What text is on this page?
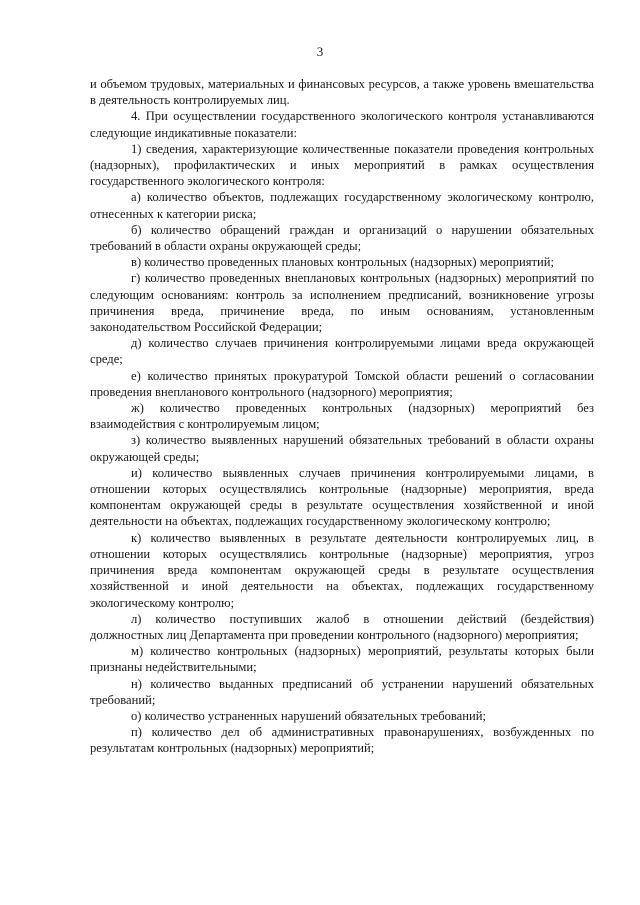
3

и объемом трудовых, материальных и финансовых ресурсов, а также уровень вмешательства в деятельность контролируемых лиц.

4. При осуществлении государственного экологического контроля устанавливаются следующие индикативные показатели:

1) сведения, характеризующие количественные показатели проведения контрольных (надзорных), профилактических и иных мероприятий в рамках осуществления государственного экологического контроля:

а) количество объектов, подлежащих государственному экологическому контролю, отнесенных к категории риска;

б) количество обращений граждан и организаций о нарушении обязательных требований в области охраны окружающей среды;

в) количество проведенных плановых контрольных (надзорных) мероприятий;

г) количество проведенных внеплановых контрольных (надзорных) мероприятий по следующим основаниям: контроль за исполнением предписаний, возникновение угрозы причинения вреда, причинение вреда, по иным основаниям, установленным законодательством Российской Федерации;

д) количество случаев причинения контролируемыми лицами вреда окружающей среде;

е) количество принятых прокуратурой Томской области решений о согласовании проведения внепланового контрольного (надзорного) мероприятия;

ж) количество проведенных контрольных (надзорных) мероприятий без взаимодействия с контролируемым лицом;

з) количество выявленных нарушений обязательных требований в области охраны окружающей среды;

и) количество выявленных случаев причинения контролируемыми лицами, в отношении которых осуществлялись контрольные (надзорные) мероприятия, вреда компонентам окружающей среды в результате осуществления хозяйственной и иной деятельности на объектах, подлежащих государственному экологическому контролю;

к) количество выявленных в результате деятельности контролируемых лиц, в отношении которых осуществлялись контрольные (надзорные) мероприятия, угроз причинения вреда компонентам окружающей среды в результате осуществления хозяйственной и иной деятельности на объектах, подлежащих государственному экологическому контролю;

л) количество поступивших жалоб в отношении действий (бездействия) должностных лиц Департамента при проведении контрольного (надзорного) мероприятия;

м) количество контрольных (надзорных) мероприятий, результаты которых были признаны недействительными;

н) количество выданных предписаний об устранении нарушений обязательных требований;

о) количество устраненных нарушений обязательных требований;

п) количество дел об административных правонарушениях, возбужденных по результатам контрольных (надзорных) мероприятий;
